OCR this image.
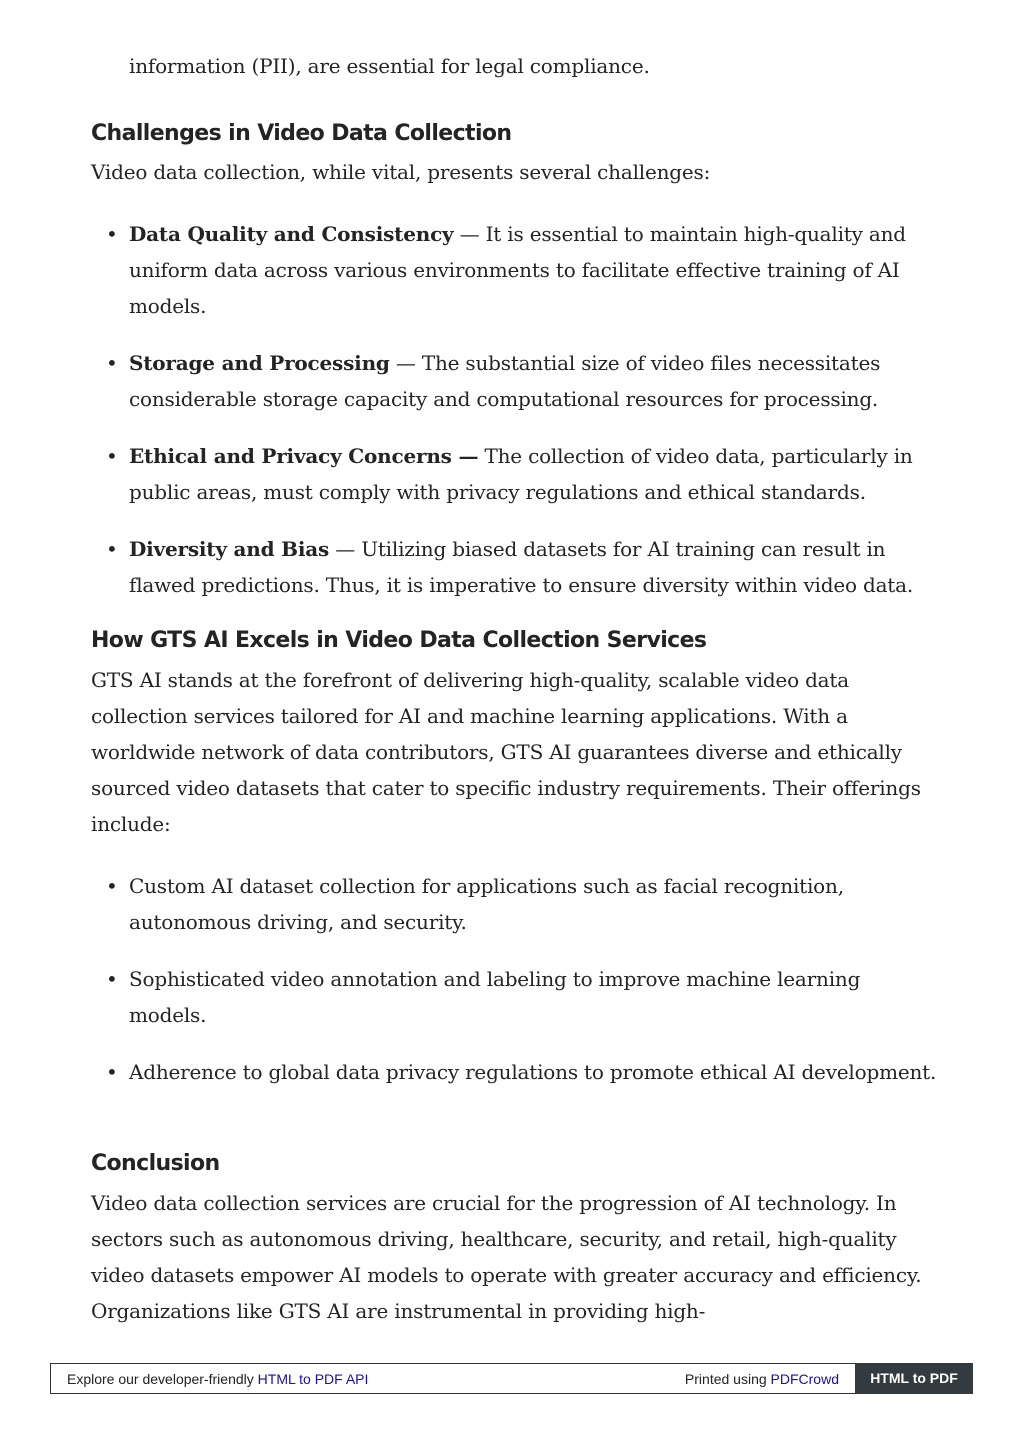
information (PII), are essential for legal compliance.

Challenges in Video Data Collection

Video data collection, while vital, presents several challenges:

• Data Quality and Consistency — It is essential to maintain high-quality and uniform data across various environments to facilitate effective training of AI models.
• Storage and Processing — The substantial size of video files necessitates considerable storage capacity and computational resources for processing.
• Ethical and Privacy Concerns — The collection of video data, particularly in public areas, must comply with privacy regulations and ethical standards.
• Diversity and Bias — Utilizing biased datasets for AI training can result in flawed predictions. Thus, it is imperative to ensure diversity within video data.
How GTS AI Excels in Video Data Collection Services

GTS AI stands at the forefront of delivering high-quality, scalable video data collection services tailored for AI and machine learning applications. With a worldwide network of data contributors, GTS AI guarantees diverse and ethically sourced video datasets that cater to specific industry requirements. Their offerings include:

• Custom AI dataset collection for applications such as facial recognition, autonomous driving, and security.
• Sophisticated video annotation and labeling to improve machine learning models.
• Adherence to global data privacy regulations to promote ethical AI development.
Conclusion

Video data collection services are crucial for the progression of AI technology. In sectors such as autonomous driving, healthcare, security, and retail, high-quality video datasets empower AI models to operate with greater accuracy and efficiency. Organizations like GTS AI are instrumental in providing high-

Explore our developer-friendly HTML to PDF API	Printed using PDFCrowd	HTML to PDF
